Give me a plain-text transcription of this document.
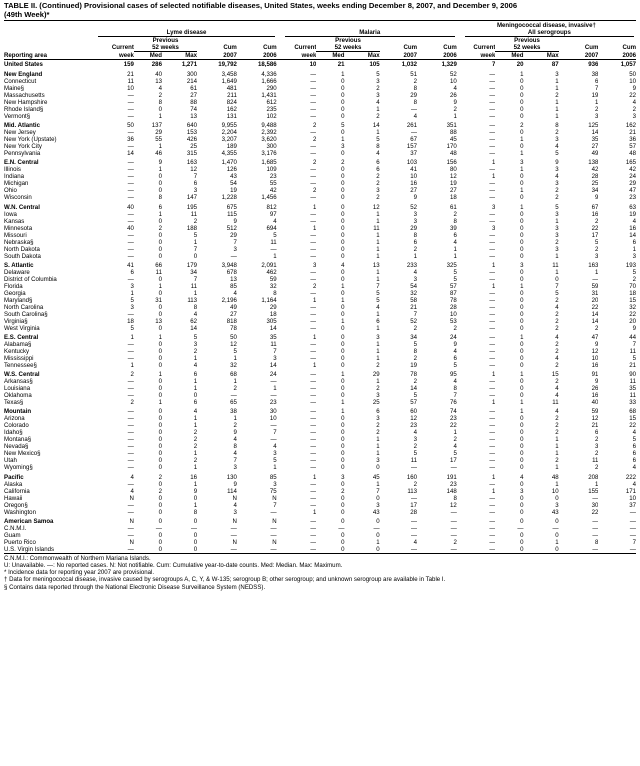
TABLE II. (Continued) Provisional cases of selected notifiable diseases, United States, weeks ending December 8, 2007, and December 9, 2006
(49th Week)*

	Lyme disease					Malaria					Meningococcal disease, invasive†
All serogroups				

		Previous					Previous					Previous			
	Current	52 weeks		Cum	Cum	Current	52 weeks		Cum	Cum	Current	52 weeks		Cum	Cum
Reporting area	week	Med	Max	2007	2006	week	Med	Max	2007	2006	week	Med	Max	2007	2006
United States	159	286	1,271	19,792	18,586	10	21	105	1,032	1,329	7	20	87	936	1,057
New England	21	40	300	3,458	4,336	—	1	5	51	52	—	1	3	38	50
Connecticut	11	13	214	1,649	1,666	—	0	3	2	10	—	0	1	6	10
Maine§	10	4	61	481	290	—	0	2	8	4	—	0	1	7	9
Massachusetts	—	2	27	211	1,431	—	0	3	29	26	—	0	2	19	22
New Hampshire	—	8	88	824	612	—	0	4	8	9	—	0	1	1	4
Rhode Island§	—	0	74	162	235	—	0	1	—	2	—	0	1	2	2
Vermont§	—	1	13	131	102	—	0	2	4	1	—	0	1	3	3
Mid. Atlantic	50	137	640	9,955	9,488	2	5	14	261	351	—	2	8	125	162
New Jersey	—	29	153	2,204	2,392	—	0	1	—	88	—	0	2	14	21
New York (Upstate)	36	55	426	3,207	3,620	2	1	5	67	45	—	1	3	35	36
New York City	—	1	25	189	300	—	3	8	157	170	—	0	4	27	57
Pennsylvania	14	46	315	4,355	3,176	—	0	4	37	48	—	1	5	49	48
E.N. Central	—	9	163	1,470	1,685	2	2	6	103	156	1	3	9	138	165
Illinois	—	1	12	126	109	—	0	6	41	80	—	1	3	42	42
Indiana	—	0	7	43	23	—	0	2	10	12	1	0	4	28	24
Michigan	—	0	6	54	55	—	0	2	16	19	—	0	3	25	29
Ohio	—	0	3	19	42	2	0	3	27	27	—	1	2	34	47
Wisconsin	—	8	147	1,228	1,456	—	0	2	9	18	—	0	2	9	23
W.N. Central	40	6	195	675	812	1	0	12	52	61	3	1	5	67	63
Iowa	—	1	11	115	97	—	0	1	3	2	—	0	3	16	19
Kansas	—	0	2	9	4	—	0	1	3	8	—	0	1	2	4
Minnesota	40	2	188	512	694	1	0	11	29	39	3	0	3	22	16
Missouri	—	0	5	29	5	—	0	1	8	6	—	0	3	17	14
Nebraska§	—	0	1	7	11	—	0	1	6	4	—	0	2	5	6
North Dakota	—	0	7	3	—	—	0	1	2	1	—	0	3	2	1
South Dakota	—	0	0	—	1	—	0	1	1	1	—	0	1	3	3
S. Atlantic	41	66	179	3,948	2,091	3	4	13	233	325	1	3	11	163	193
Delaware	6	11	34	678	462	—	0	1	4	5	—	0	1	1	5
District of Columbia	—	0	7	13	59	—	0	1	3	5	—	0	0	—	2
Florida	3	1	11	85	32	2	1	7	54	57	1	1	7	59	70
Georgia	1	0	1	4	8	—	0	5	32	87	—	0	5	31	18
Maryland§	5	31	113	2,196	1,164	1	1	5	58	78	—	0	2	20	15
North Carolina	3	0	8	49	29	—	0	4	21	28	—	0	4	22	32
South Carolina§	—	0	4	27	18	—	0	1	7	10	—	0	2	14	22
Virginia§	18	13	62	818	305	—	1	6	52	53	—	0	2	14	20
West Virginia	5	0	14	78	14	—	0	1	2	2	—	0	2	2	9
E.S. Central	1	1	5	50	35	1	0	3	34	24	—	1	4	47	44
Alabama§	—	0	3	12	11	—	0	1	5	9	—	0	2	9	7
Kentucky	—	0	2	5	7	—	0	1	8	4	—	0	2	12	11
Mississippi	—	0	1	1	3	—	0	1	2	6	—	0	4	10	5
Tennessee§	1	0	4	32	14	1	0	2	19	5	—	0	2	16	21
W.S. Central	2	1	6	68	24	—	1	29	78	95	1	1	15	91	90
Arkansas§	—	0	1	1	—	—	0	1	2	4	—	0	2	9	11
Louisiana	—	0	1	2	1	—	0	2	14	8	—	0	4	26	35
Oklahoma	—	0	0	—	—	—	0	3	5	7	—	0	4	16	11
Texas§	2	1	6	65	23	—	1	25	57	76	1	1	11	40	33
Mountain	—	0	4	38	30	—	1	6	60	74	—	1	4	59	68
Arizona	—	0	1	1	10	—	0	3	12	23	—	0	2	12	15
Colorado	—	0	1	2	—	—	0	2	23	22	—	0	2	21	22
Idaho§	—	0	2	9	7	—	0	2	4	1	—	0	2	6	4
Montana§	—	0	2	4	—	—	0	1	3	2	—	0	1	2	5
Nevada§	—	0	2	8	4	—	0	1	2	4	—	0	1	3	6
New Mexico§	—	0	1	4	3	—	0	1	5	5	—	0	1	2	6
Utah	—	0	2	7	5	—	0	3	11	17	—	0	2	11	6
Wyoming§	—	0	1	3	1	—	0	0	—	—	—	0	1	2	4
Pacific	4	2	16	130	85	1	3	45	160	191	1	4	48	208	222
Alaska	—	0	1	9	3	—	0	1	2	23	—	0	1	1	4
California	4	2	9	114	75	—	2	7	113	148	1	3	10	155	171
Hawaii	N	0	0	N	N	—	0	0	—	8	—	0	0	—	10
Oregon§	—	0	1	4	7	—	0	3	17	12	—	0	3	30	37
Washington	—	0	8	3	—	1	0	43	28	—	—	0	43	22	—
American Samoa	N	0	0	N	N	—	0	0	—	—	—	0	0	—	—
C.N.M.I.	—	—	—	—	—	—	—	—	—	—	—	—	—	—	—
Guam	—	0	0	—	—	—	0	0	—	—	—	0	0	—	—
Puerto Rico	N	0	0	N	N	—	0	1	4	2	—	0	1	8	7
U.S. Virgin Islands	—	0	0	—	—	—	0	0	—	—	—	0	0	—	—
C.N.M.I.: Commonwealth of Northern Mariana Islands.
U: Unavailable. —: No reported cases. N: Not notifiable. Cum: Cumulative year-to-date counts. Med: Median. Max: Maximum.
* Incidence data for reporting year 2007 are provisional.
† Data for meningococcal disease, invasive caused by serogroups A, C, Y, & W-135; serogroup B; other serogroup; and unknown serogroup are available in Table I.
§ Contains data reported through the National Electronic Disease Surveillance System (NEDSS).
